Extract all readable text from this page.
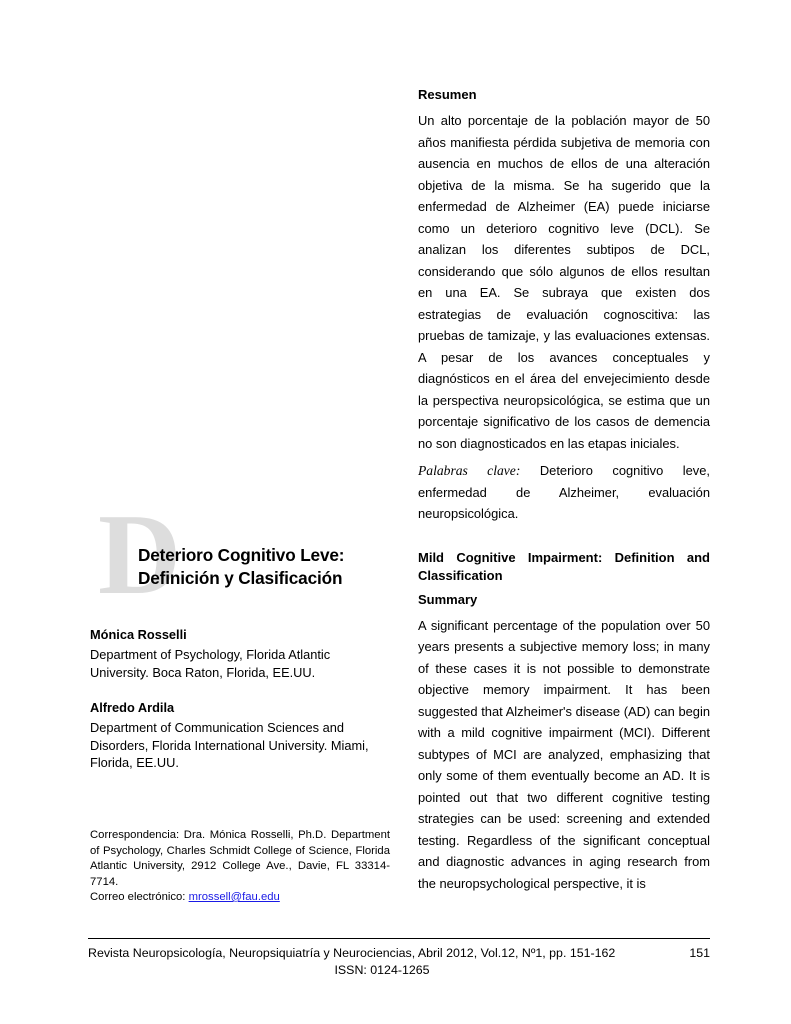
D
Deterioro Cognitivo Leve:
Definición y Clasificación

Mónica Rosselli

Department of Psychology, Florida Atlantic University. Boca Raton, Florida, EE.UU.

Alfredo Ardila

Department of Communication Sciences and Disorders, Florida International University. Miami, Florida, EE.UU.

Correspondencia: Dra. Mónica Rosselli, Ph.D. Department of Psychology, Charles Schmidt College of Science, Florida Atlantic University, 2912 College Ave., Davie, FL 33314-7714.
Correo electrónico: mrossell@fau.edu
Resumen

Un alto porcentaje de la población mayor de 50 años manifiesta pérdida subjetiva de memoria con ausencia en muchos de ellos de una alteración objetiva de la misma. Se ha sugerido que la enfermedad de Alzheimer (EA) puede iniciarse como un deterioro cognitivo leve (DCL). Se analizan los diferentes subtipos de DCL, considerando que sólo algunos de ellos resultan en una EA. Se subraya que existen dos estrategias de evaluación cognoscitiva: las pruebas de tamizaje, y las evaluaciones extensas. A pesar de los avances conceptuales y diagnósticos en el área del envejecimiento desde la perspectiva neuropsicológica, se estima que un porcentaje significativo de los casos de demencia no son diagnosticados en las etapas iniciales.

Palabras clave: Deterioro cognitivo leve, enfermedad de Alzheimer, evaluación neuropsicológica.

Mild Cognitive Impairment: Definition and Classification
Summary

A significant percentage of the population over 50 years presents a subjective memory loss; in many of these cases it is not possible to demonstrate objective memory impairment. It has been suggested that Alzheimer's disease (AD) can begin with a mild cognitive impairment (MCI). Different subtypes of MCI are analyzed, emphasizing that only some of them eventually become an AD. It is pointed out that two different cognitive testing strategies can be used: screening and extended testing. Regardless of the significant conceptual and diagnostic advances in aging research from the neuropsychological perspective, it is

Revista Neuropsicología, Neuropsiquiatría y Neurociencias, Abril 2012, Vol.12, Nº1, pp. 151-162	151
ISSN: 0124-1265
